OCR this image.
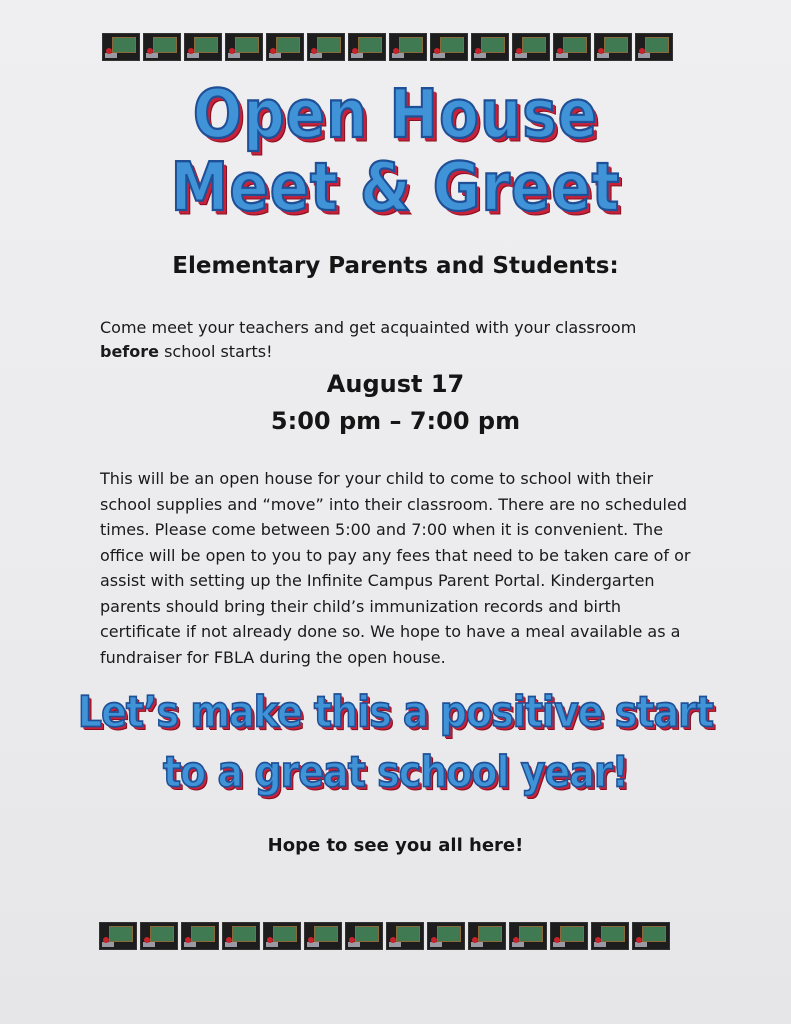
Open House
Meet & Greet
Elementary Parents and Students:
Come meet your teachers and get acquainted with your classroom before school starts!
August 17
5:00 pm – 7:00 pm
This will be an open house for your child to come to school with their school supplies and “move” into their classroom. There are no scheduled times. Please come between 5:00 and 7:00 when it is convenient. The office will be open to you to pay any fees that need to be taken care of or assist with setting up the Infinite Campus Parent Portal. Kindergarten parents should bring their child’s immunization records and birth certificate if not already done so. We hope to have a meal available as a fundraiser for FBLA during the open house.
Let’s make this a positive start
to a great school year!
Hope to see you all here!
